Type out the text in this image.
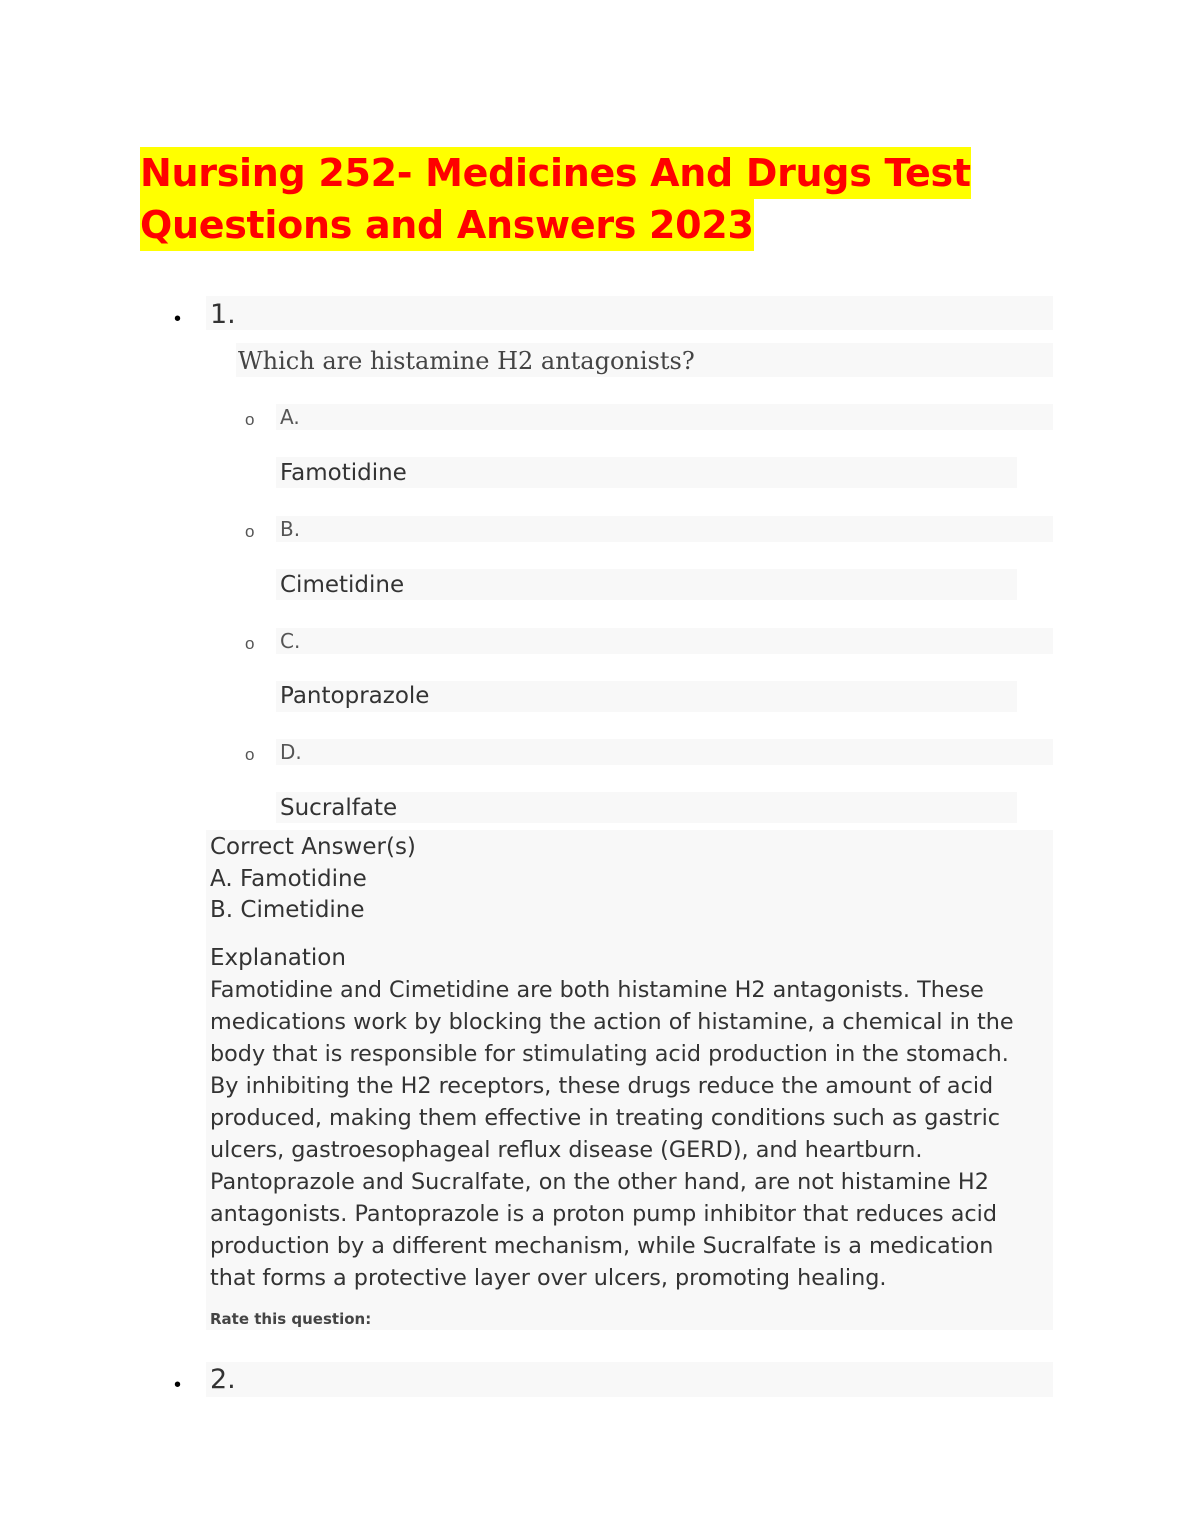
Nursing 252- Medicines And Drugs Test
Questions and Answers 2023
• 1.
Which are histamine H2 antagonists?
o A.
Famotidine
o B.
Cimetidine
o C.
Pantoprazole
o D.
Sucralfate
Correct Answer(s)
A. Famotidine
B. Cimetidine
Explanation
Famotidine and Cimetidine are both histamine H2 antagonists. These
medications work by blocking the action of histamine, a chemical in the
body that is responsible for stimulating acid production in the stomach.
By inhibiting the H2 receptors, these drugs reduce the amount of acid
produced, making them effective in treating conditions such as gastric
ulcers, gastroesophageal reflux disease (GERD), and heartburn.
Pantoprazole and Sucralfate, on the other hand, are not histamine H2
antagonists. Pantoprazole is a proton pump inhibitor that reduces acid
production by a different mechanism, while Sucralfate is a medication
that forms a protective layer over ulcers, promoting healing.
Rate this question:
• 2.
